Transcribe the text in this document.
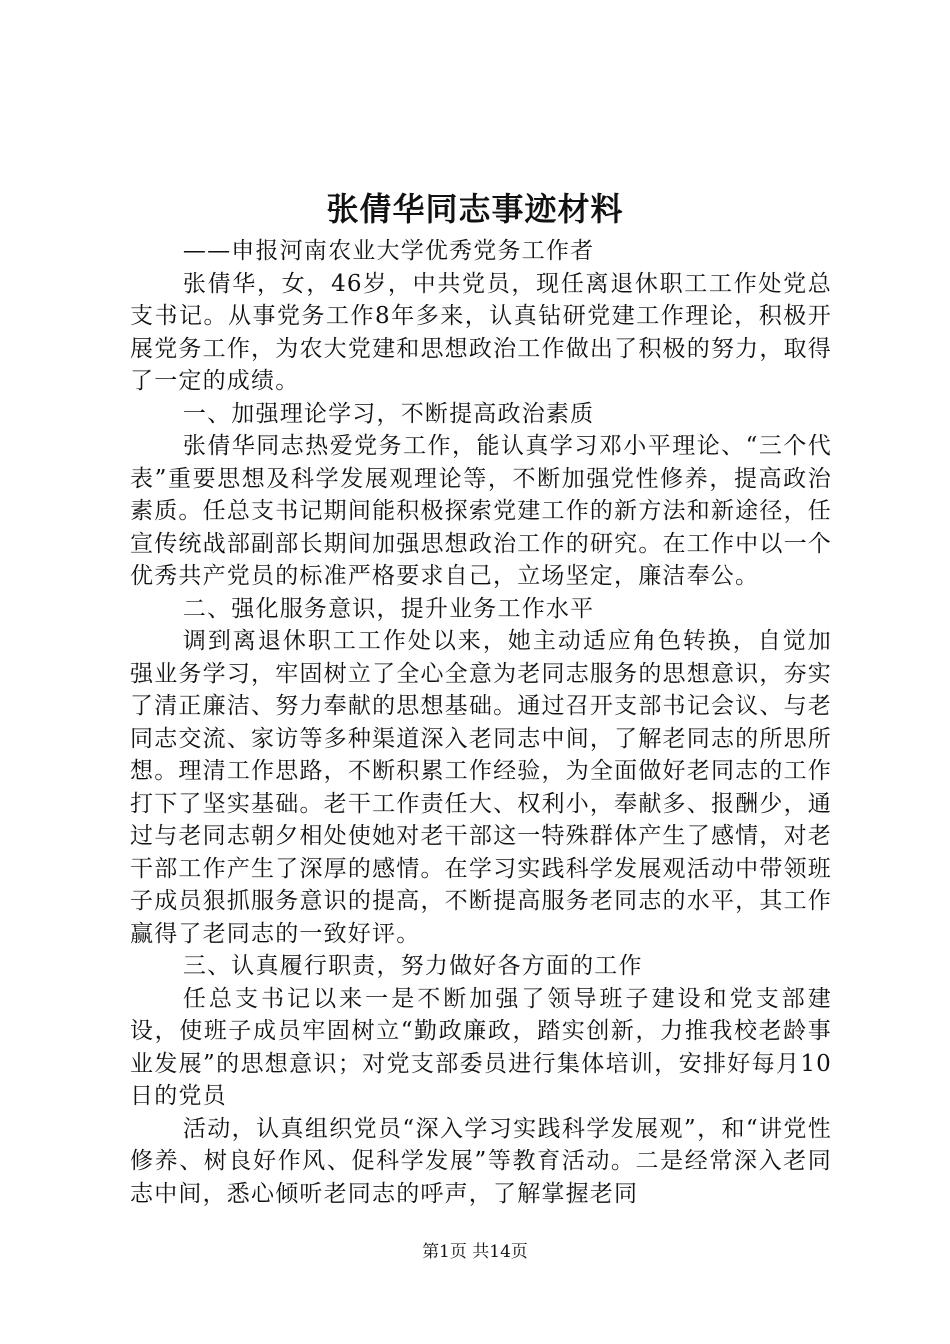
张倩华同志事迹材料

——申报河南农业大学优秀党务工作者

张倩华，女，46岁，中共党员，现任离退休职工工作处党总支书记。从事党务工作8年多来，认真钻研党建工作理论，积极开展党务工作，为农大党建和思想政治工作做出了积极的努力，取得了一定的成绩。

一、加强理论学习，不断提高政治素质

张倩华同志热爱党务工作，能认真学习邓小平理论、“三个代表”重要思想及科学发展观理论等，不断加强党性修养，提高政治素质。任总支书记期间能积极探索党建工作的新方法和新途径，任宣传统战部副部长期间加强思想政治工作的研究。在工作中以一个优秀共产党员的标准严格要求自己，立场坚定，廉洁奉公。

二、强化服务意识，提升业务工作水平

调到离退休职工工作处以来，她主动适应角色转换，自觉加强业务学习，牢固树立了全心全意为老同志服务的思想意识，夯实了清正廉洁、努力奉献的思想基础。通过召开支部书记会议、与老同志交流、家访等多种渠道深入老同志中间，了解老同志的所思所想。理清工作思路，不断积累工作经验，为全面做好老同志的工作打下了坚实基础。老干工作责任大、权利小，奉献多、报酬少，通过与老同志朝夕相处使她对老干部这一特殊群体产生了感情，对老干部工作产生了深厚的感情。在学习实践科学发展观活动中带领班子成员狠抓服务意识的提高，不断提高服务老同志的水平，其工作赢得了老同志的一致好评。

三、认真履行职责，努力做好各方面的工作

任总支书记以来一是不断加强了领导班子建设和党支部建设，使班子成员牢固树立“勤政廉政，踏实创新，力推我校老龄事业发展”的思想意识；对党支部委员进行集体培训，安排好每月10日的党员

活动，认真组织党员“深入学习实践科学发展观”，和“讲党性修养、树良好作风、促科学发展”等教育活动。二是经常深入老同志中间，悉心倾听老同志的呼声，了解掌握老同

第1页 共14页
